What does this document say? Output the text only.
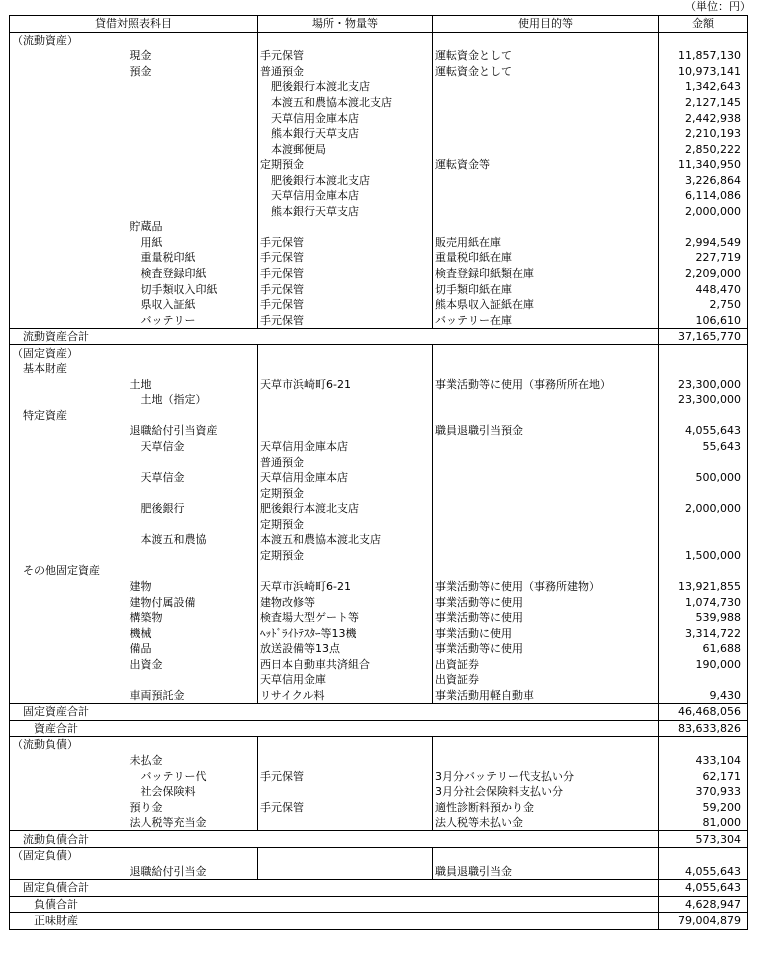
（単位：円）
貸借対照表科目		場所・物量等	使用目的等	金額
（流動資産）				
	現金	手元保管	運転資金として	11,857,130
	預金	普通預金	運転資金として	10,973,141
		　肥後銀行本渡北支店		1,342,643
		　本渡五和農協本渡北支店		2,127,145
		　天草信用金庫本店		2,442,938
		　熊本銀行天草支店		2,210,193
		　本渡郵便局		2,850,222
		定期預金	運転資金等	11,340,950
		　肥後銀行本渡北支店		3,226,864
		　天草信用金庫本店		6,114,086
		　熊本銀行天草支店		2,000,000
	貯蔵品			
	　用紙	手元保管	販売用紙在庫	2,994,549
	　重量税印紙	手元保管	重量税印紙在庫	227,719
	　検査登録印紙	手元保管	検査登録印紙類在庫	2,209,000
	　切手類収入印紙	手元保管	切手類印紙在庫	448,470
	　県収入証紙	手元保管	熊本県収入証紙在庫	2,750
	　バッテリー	手元保管	バッテリー在庫	106,610
　流動資産合計				37,165,770
（固定資産）				
　基本財産				
	土地	天草市浜崎町6-21	事業活動等に使用（事務所所在地）	23,300,000
	　土地（指定）			23,300,000
　特定資産				
	退職給付引当資産		職員退職引当預金	4,055,643
	　天草信金	天草信用金庫本店		55,643
		普通預金		
	　天草信金	天草信用金庫本店		500,000
		定期預金		
	　肥後銀行	肥後銀行本渡北支店		2,000,000
		定期預金		
	　本渡五和農協	本渡五和農協本渡北支店		
		定期預金		1,500,000
　その他固定資産				
	建物	天草市浜崎町6-21	事業活動等に使用（事務所建物）	13,921,855
	建物付属設備	建物改修等	事業活動等に使用	1,074,730
	構築物	検査場大型ゲート等	事業活動等に使用	539,988
	機械	ﾍｯﾄﾞﾗｲﾄﾃｽﾀｰ等13機	事業活動に使用	3,314,722
	備品	放送設備等13点	事業活動等に使用	61,688
	出資金	西日本自動車共済組合	出資証券	190,000
		天草信用金庫	出資証券	
	車両預託金	リサイクル料	事業活動用軽自動車	9,430
　固定資産合計				46,468,056
　　資産合計				83,633,826
（流動負債）				
	未払金			433,104
	　バッテリー代	手元保管	3月分バッテリー代支払い分	62,171
	　社会保険料		3月分社会保険料支払い分	370,933
	預り金	手元保管	適性診断料預かり金	59,200
	法人税等充当金		法人税等未払い金	81,000
　流動負債合計				573,304
（固定負債）				
	退職給付引当金		職員退職引当金	4,055,643
　固定負債合計				4,055,643
　　負債合計				4,628,947
　　正味財産				79,004,879
